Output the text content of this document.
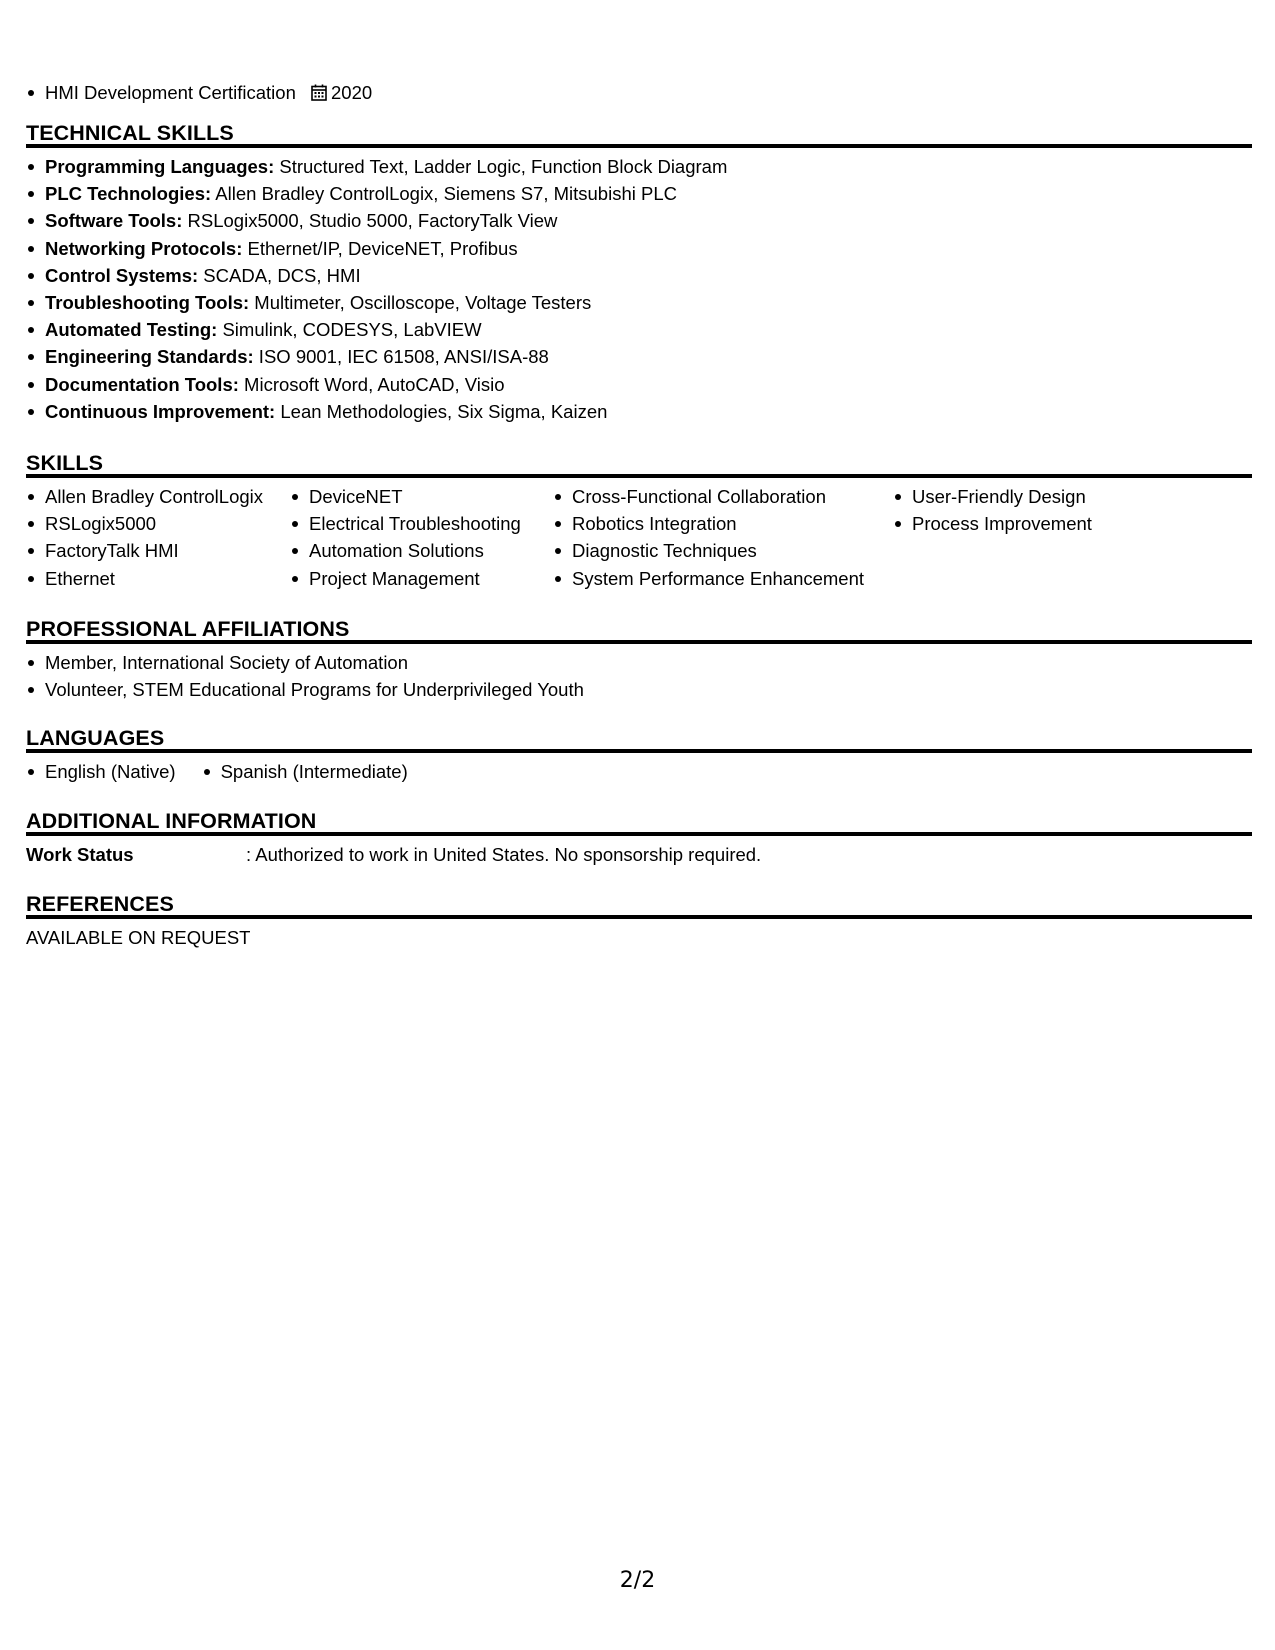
HMI Development Certification 2020
TECHNICAL SKILLS
Programming Languages: Structured Text, Ladder Logic, Function Block Diagram
PLC Technologies: Allen Bradley ControlLogix, Siemens S7, Mitsubishi PLC
Software Tools: RSLogix5000, Studio 5000, FactoryTalk View
Networking Protocols: Ethernet/IP, DeviceNET, Profibus
Control Systems: SCADA, DCS, HMI
Troubleshooting Tools: Multimeter, Oscilloscope, Voltage Testers
Automated Testing: Simulink, CODESYS, LabVIEW
Engineering Standards: ISO 9001, IEC 61508, ANSI/ISA-88
Documentation Tools: Microsoft Word, AutoCAD, Visio
Continuous Improvement: Lean Methodologies, Six Sigma, Kaizen
SKILLS
Allen Bradley ControlLogix
RSLogix5000
FactoryTalk HMI
Ethernet
DeviceNET
Electrical Troubleshooting
Automation Solutions
Project Management
Cross-Functional Collaboration
Robotics Integration
Diagnostic Techniques
System Performance Enhancement
User-Friendly Design
Process Improvement
PROFESSIONAL AFFILIATIONS
Member, International Society of Automation
Volunteer, STEM Educational Programs for Underprivileged Youth
LANGUAGES
English (Native)	Spanish (Intermediate)
ADDITIONAL INFORMATION
Work Status	: Authorized to work in United States. No sponsorship required.
REFERENCES
AVAILABLE ON REQUEST
2/2
